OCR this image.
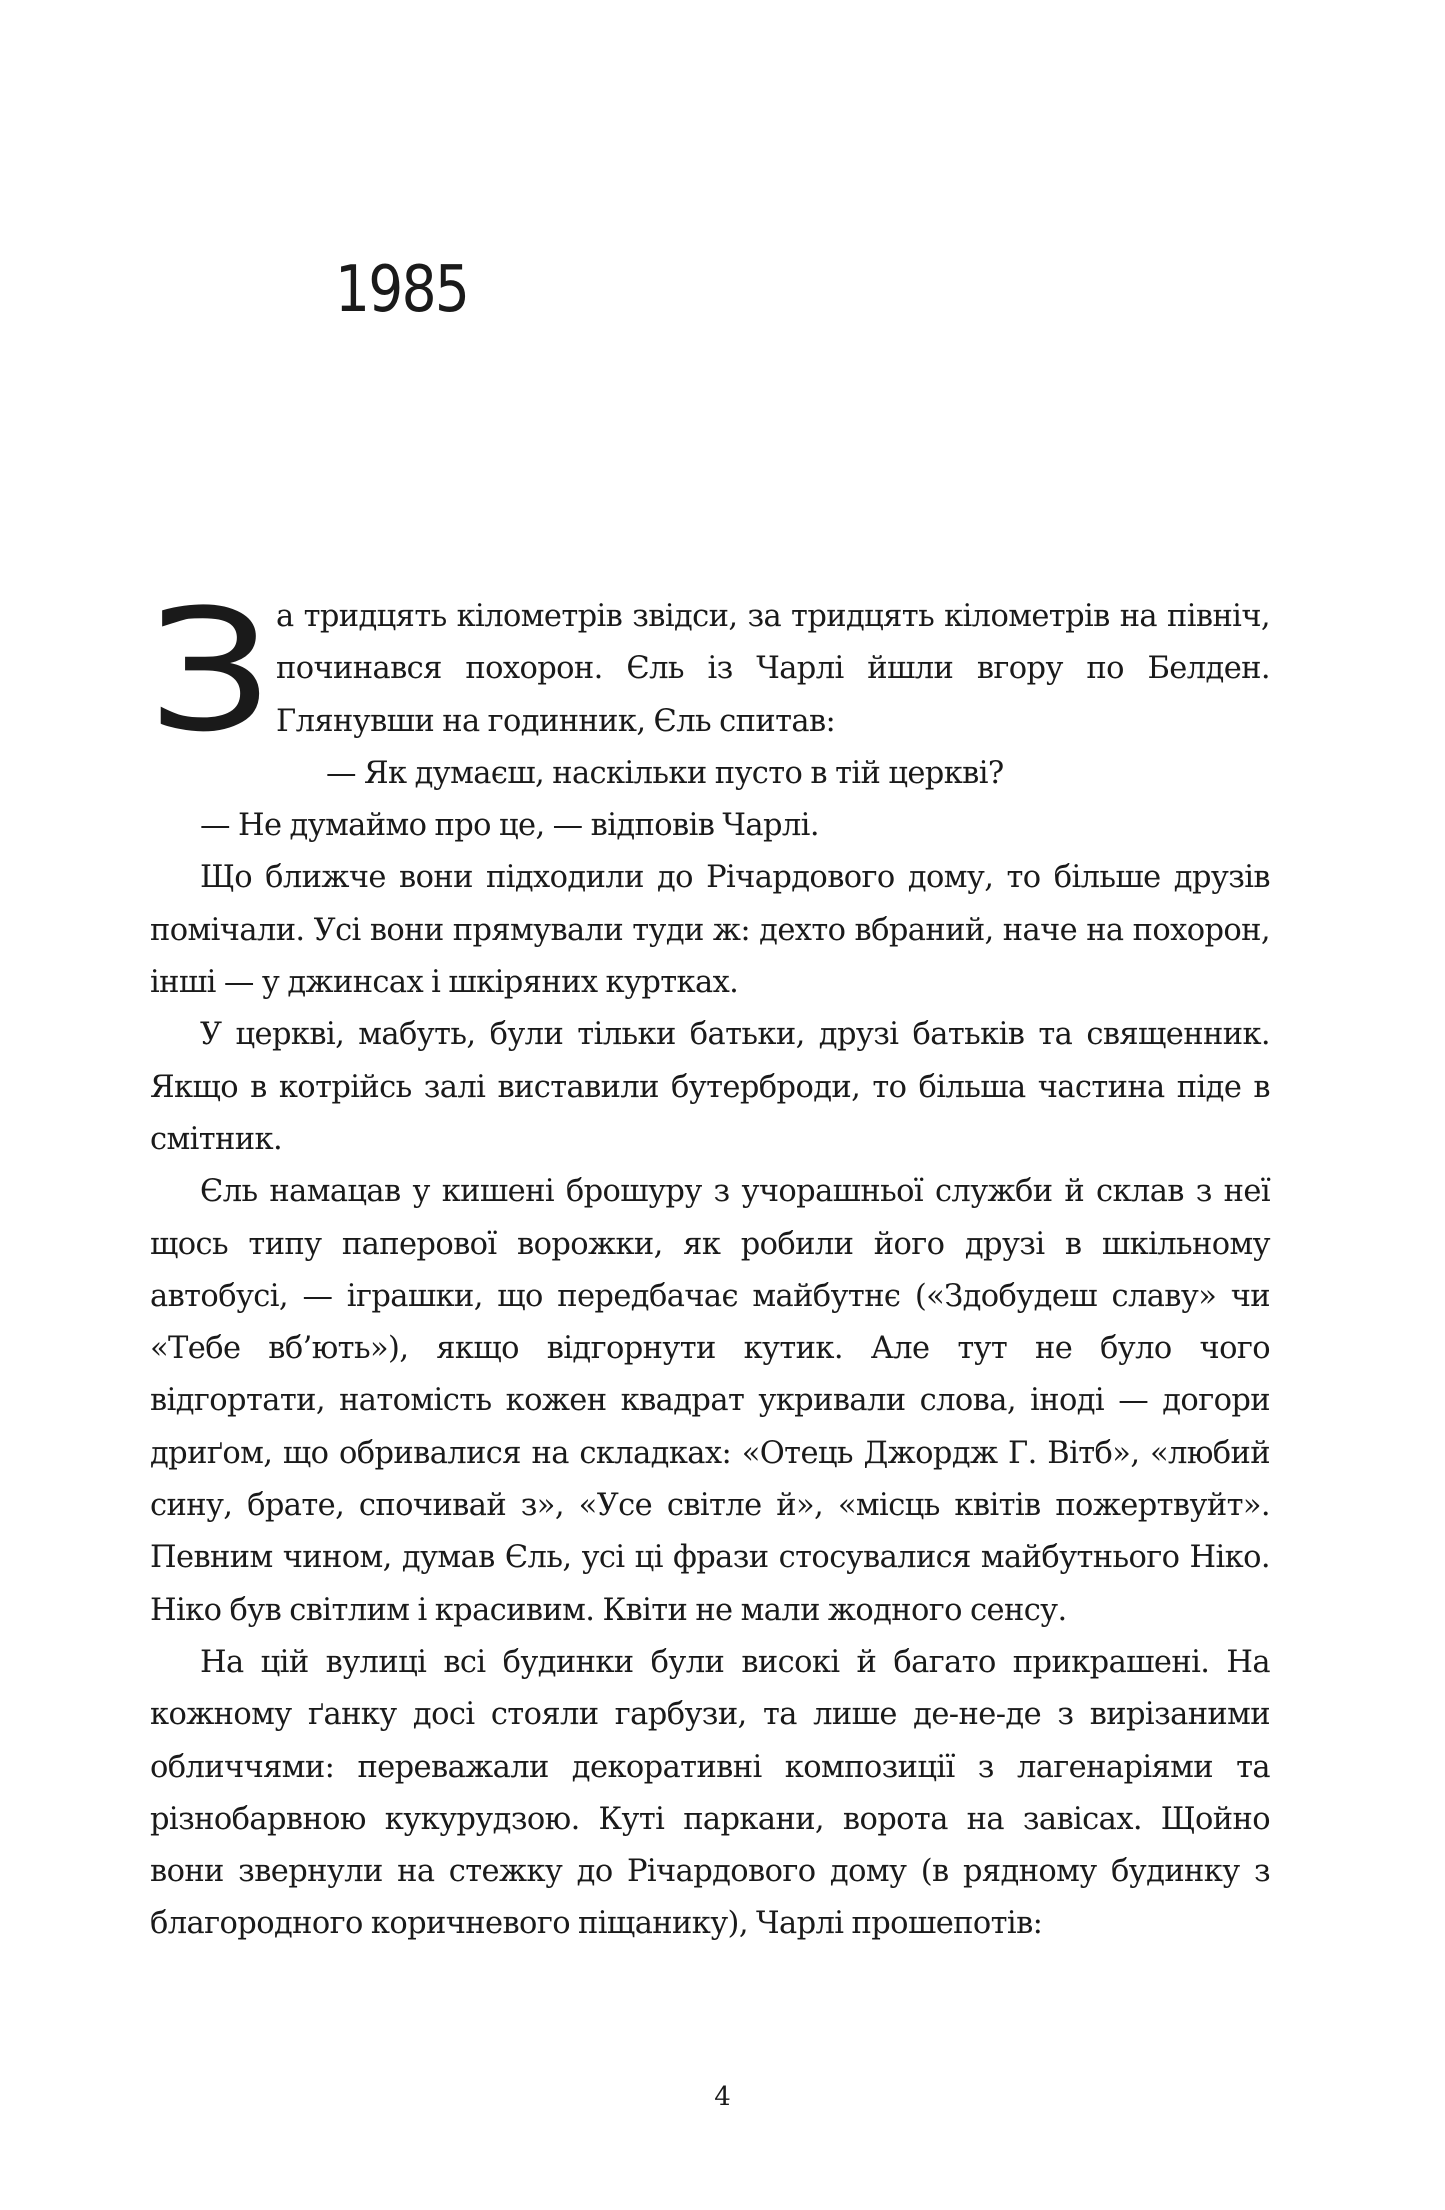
1985

За тридцять кілометрів звідси, за тридцять кілометрів на північ, починався похорон. Єль із Чарлі йшли вгору по Белден. Глянувши на годинник, Єль спитав:

— Як думаєш, наскільки пусто в тій церкві?

— Не думаймо про це, — відповів Чарлі.

Що ближче вони підходили до Річардового дому, то більше друзів помічали. Усі вони прямували туди ж: дехто вбраний, наче на похорон, інші — у джинсах і шкіряних куртках.

У церкві, мабуть, були тільки батьки, друзі батьків та священник. Якщо в котрійсь залі виставили бутерброди, то більша частина піде в смітник.

Єль намацав у кишені брошуру з учорашньої служби й склав з неї щось типу паперової ворожки, як робили його друзі в шкільному автобусі, — іграшки, що передбачає майбутнє («Здобудеш славу» чи «Тебе вб’ють»), якщо відгорнути кутик. Але тут не було чого відгортати, натомість кожен квадрат укривали слова, іноді — догори дриґом, що обривалися на складках: «Отець Джордж Г. Вітб», «любий сину, брате, спочивай з», «Усе світле й», «місць квітів пожертвуйт». Певним чином, думав Єль, усі ці фрази стосувалися майбутнього Ніко. Ніко був світлим і красивим. Квіти не мали жодного сенсу.

На цій вулиці всі будинки були високі й багато прикрашені. На кожному ґанку досі стояли гарбузи, та лише де-не-де з вирізаними обличчями: переважали декоративні композиції з лагенаріями та різнобарвною кукурудзою. Куті паркани, ворота на завісах. Щойно вони звернули на стежку до Річардового дому (в рядному будинку з благородного коричневого піщанику), Чарлі прошепотів:

4
